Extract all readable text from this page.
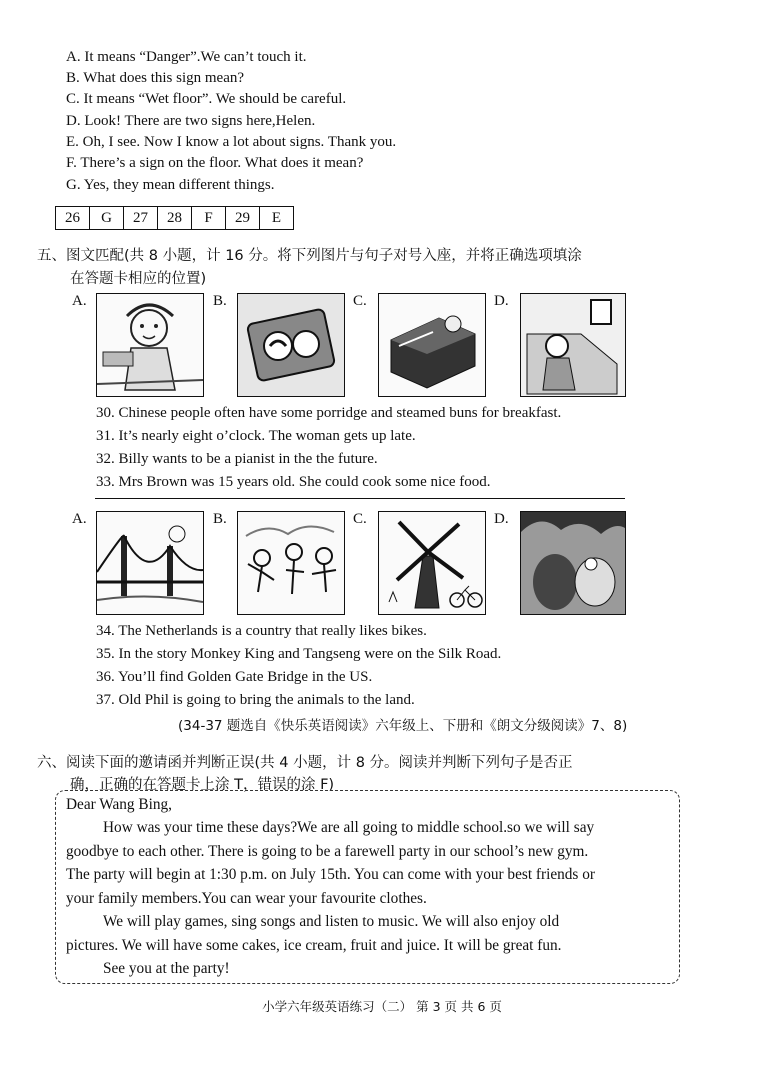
A. It means “Danger”.We can’t touch it.
B. What does this sign mean?
C. It means “Wet floor”. We should be careful.
D. Look! There are two signs here,Helen.
E. Oh, I see. Now I know a lot about signs. Thank you.
F. There’s a sign on the floor. What does it mean?
G. Yes, they mean different things.
26	G	27	28	F	29	E
五、图文匹配(共 8 小题，计 16 分。将下列图片与句子对号入座，并将正确选项填涂
在答题卡相应的位置)
A.	B.	C.	D.
30. Chinese people often have some porridge and steamed buns for breakfast.
31. It’s nearly eight o’clock. The woman gets up late.
32. Billy wants to be a pianist in the the future.
33. Mrs Brown was 15 years old. She could cook some nice food.
A.	B.	C.	D.
34. The Netherlands is a country that really likes bikes.
35. In the story Monkey King and Tangseng were on the Silk Road.
36. You’ll find Golden Gate Bridge in the US.
37. Old Phil is going to bring the animals to the land.
(34-37 题选自《快乐英语阅读》六年级上、下册和《朗文分级阅读》7、8)
六、阅读下面的邀请函并判断正误(共 4 小题，计 8 分。阅读并判断下列句子是否正
确，正确的在答题卡上涂 T，错误的涂 F)
Dear Wang Bing,
How was your time these days?We are all going to middle school.so we will say
goodbye to each other. There is going to be a farewell party in our school’s new gym.
The party will begin at 1:30 p.m. on July 15th. You can come with your best friends or
your family members.You can wear your favourite clothes.
We will play games, sing songs and listen to music. We will also enjoy old
pictures. We will have some cakes, ice cream, fruit and juice. It will be great fun.
See you at the party!
小学六年级英语练习（二） 第 3 页 共 6 页
